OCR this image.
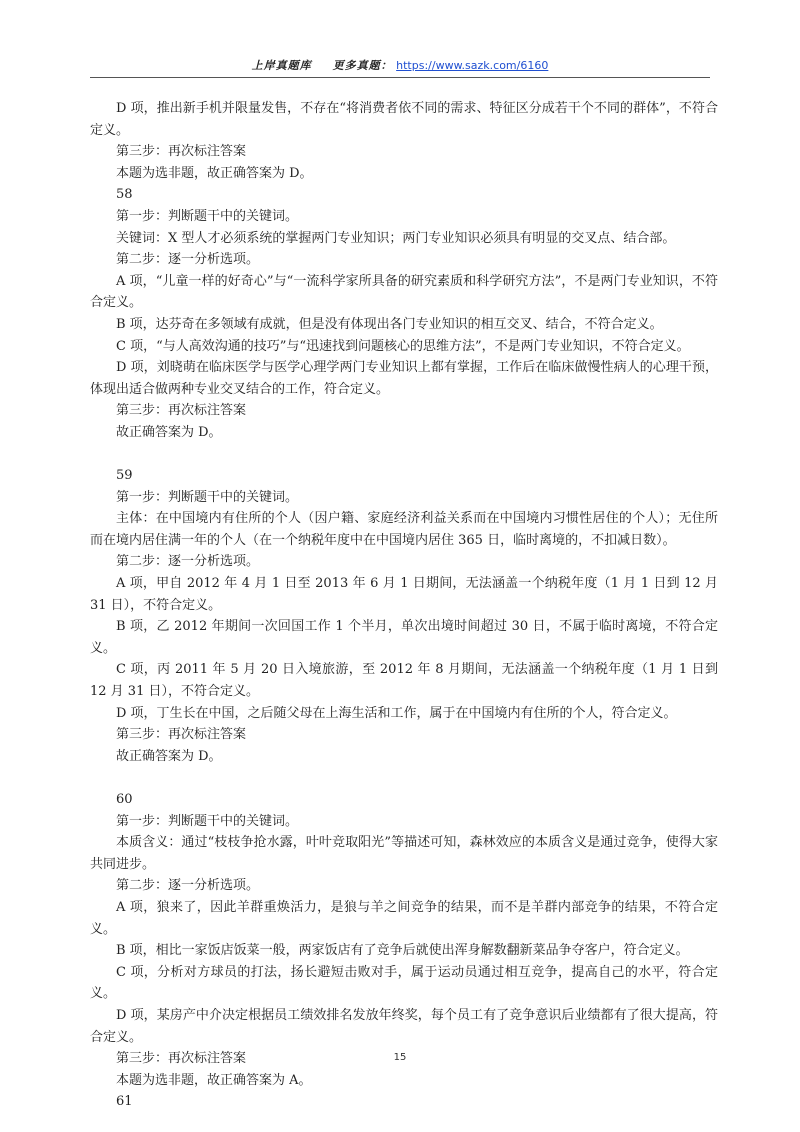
上岸真题库 更多真题： https://www.sazk.com/6160

D 项，推出新手机并限量发售，不存在“将消费者依不同的需求、特征区分成若干个不同的群体”，不符合定义。

第三步：再次标注答案

本题为选非题，故正确答案为 D。

58

第一步：判断题干中的关键词。

关键词：X 型人才必须系统的掌握两门专业知识；两门专业知识必须具有明显的交叉点、结合部。

第二步：逐一分析选项。

A 项，“儿童一样的好奇心”与“一流科学家所具备的研究素质和科学研究方法”，不是两门专业知识，不符合定义。

B 项，达芬奇在多领域有成就，但是没有体现出各门专业知识的相互交叉、结合，不符合定义。

C 项，“与人高效沟通的技巧”与“迅速找到问题核心的思维方法”，不是两门专业知识，不符合定义。

D 项，刘晓萌在临床医学与医学心理学两门专业知识上都有掌握，工作后在临床做慢性病人的心理干预，体现出适合做两种专业交叉结合的工作，符合定义。

第三步：再次标注答案

故正确答案为 D。

59

第一步：判断题干中的关键词。

主体：在中国境内有住所的个人（因户籍、家庭经济利益关系而在中国境内习惯性居住的个人）；无住所而在境内居住满一年的个人（在一个纳税年度中在中国境内居住 365 日，临时离境的，不扣减日数）。

第二步：逐一分析选项。

A 项，甲自 2012 年 4 月 1 日至 2013 年 6 月 1 日期间，无法涵盖一个纳税年度（1 月 1 日到 12 月 31 日），不符合定义。

B 项，乙 2012 年期间一次回国工作 1 个半月，单次出境时间超过 30 日，不属于临时离境，不符合定义。

C 项，丙 2011 年 5 月 20 日入境旅游，至 2012 年 8 月期间，无法涵盖一个纳税年度（1 月 1 日到 12 月 31 日），不符合定义。

D 项，丁生长在中国，之后随父母在上海生活和工作，属于在中国境内有住所的个人，符合定义。

第三步：再次标注答案

故正确答案为 D。

60

第一步：判断题干中的关键词。

本质含义：通过“枝枝争抢水露，叶叶竞取阳光”等描述可知，森林效应的本质含义是通过竞争，使得大家共同进步。

第二步：逐一分析选项。

A 项，狼来了，因此羊群重焕活力，是狼与羊之间竞争的结果，而不是羊群内部竞争的结果，不符合定义。

B 项，相比一家饭店饭菜一般，两家饭店有了竞争后就使出浑身解数翻新菜品争夺客户，符合定义。

C 项，分析对方球员的打法，扬长避短击败对手，属于运动员通过相互竞争，提高自己的水平，符合定义。

D 项，某房产中介决定根据员工绩效排名发放年终奖，每个员工有了竞争意识后业绩都有了很大提高，符合定义。

第三步：再次标注答案

本题为选非题，故正确答案为 A。

61

15
